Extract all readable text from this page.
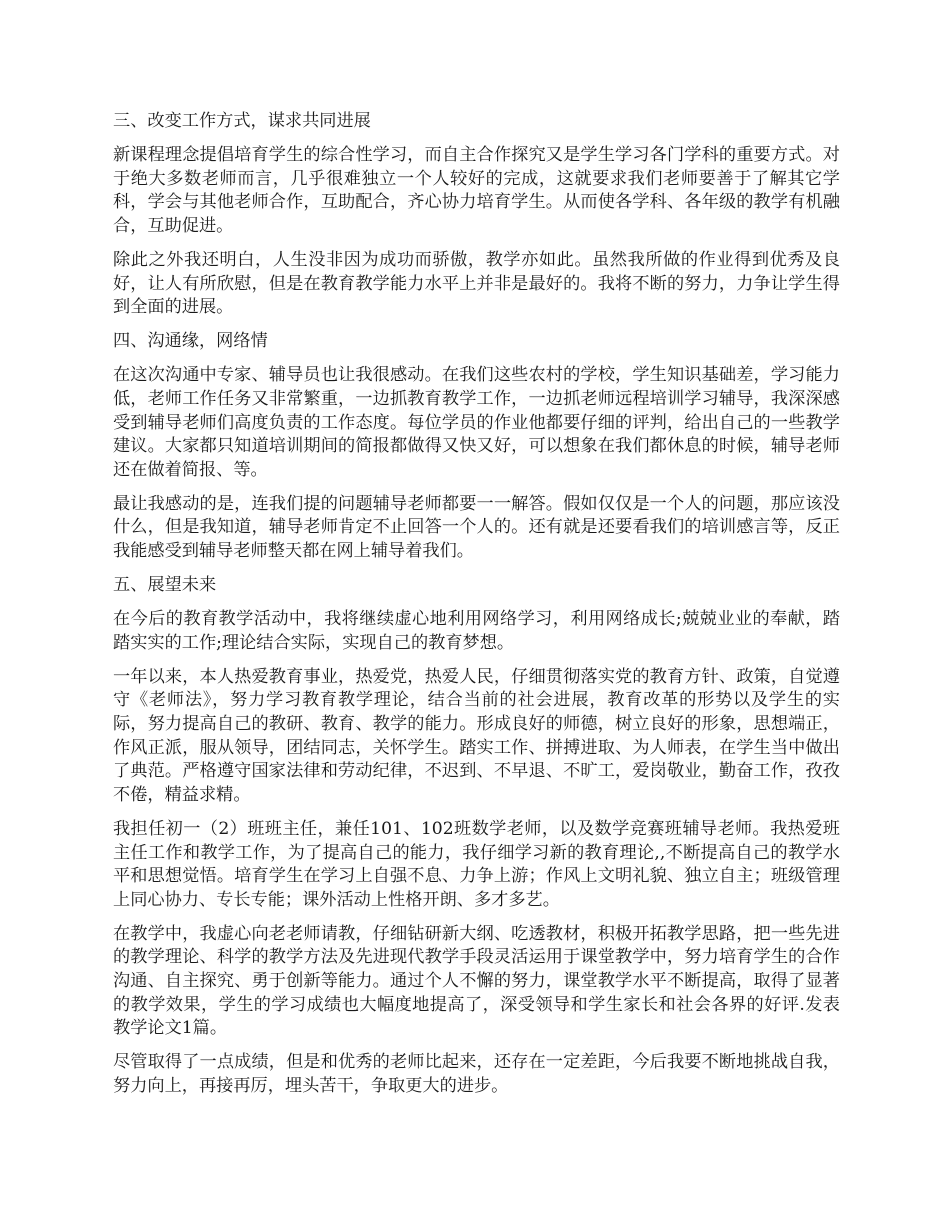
三、改变工作方式，谋求共同进展
新课程理念提倡培育学生的综合性学习，而自主合作探究又是学生学习各门学科的重要方式。对于绝大多数老师而言，几乎很难独立一个人较好的完成，这就要求我们老师要善于了解其它学科，学会与其他老师合作，互助配合，齐心协力培育学生。从而使各学科、各年级的教学有机融合，互助促进。
除此之外我还明白，人生没非因为成功而骄傲，教学亦如此。虽然我所做的作业得到优秀及良好，让人有所欣慰，但是在教育教学能力水平上并非是最好的。我将不断的努力，力争让学生得到全面的进展。
四、沟通缘，网络情
在这次沟通中专家、辅导员也让我很感动。在我们这些农村的学校，学生知识基础差，学习能力低，老师工作任务又非常繁重，一边抓教育教学工作，一边抓老师远程培训学习辅导，我深深感受到辅导老师们高度负责的工作态度。每位学员的作业他都要仔细的评判，给出自己的一些教学建议。大家都只知道培训期间的简报都做得又快又好，可以想象在我们都休息的时候，辅导老师还在做着简报、等。
最让我感动的是，连我们提的问题辅导老师都要一一解答。假如仅仅是一个人的问题，那应该没什么，但是我知道，辅导老师肯定不止回答一个人的。还有就是还要看我们的培训感言等，反正我能感受到辅导老师整天都在网上辅导着我们。
五、展望未来
在今后的教育教学活动中，我将继续虚心地利用网络学习，利用网络成长;兢兢业业的奉献，踏踏实实的工作;理论结合实际，实现自己的教育梦想。
一年以来，本人热爱教育事业，热爱党，热爱人民，仔细贯彻落实党的教育方针、政策，自觉遵守《老师法》，努力学习教育教学理论，结合当前的社会进展，教育改革的形势以及学生的实际，努力提高自己的教研、教育、教学的能力。形成良好的师德，树立良好的形象，思想端正，作风正派，服从领导，团结同志，关怀学生。踏实工作、拼搏进取、为人师表，在学生当中做出了典范。严格遵守国家法律和劳动纪律，不迟到、不早退、不旷工，爱岗敬业，勤奋工作，孜孜不倦，精益求精。
我担任初一（2）班班主任，兼任101、102班数学老师，以及数学竞赛班辅导老师。我热爱班主任工作和教学工作，为了提高自己的能力，我仔细学习新的教育理论,,不断提高自己的教学水平和思想觉悟。培育学生在学习上自强不息、力争上游；作风上文明礼貌、独立自主；班级管理上同心协力、专长专能；课外活动上性格开朗、多才多艺。
在教学中，我虚心向老老师请教，仔细钻研新大纲、吃透教材，积极开拓教学思路，把一些先进的教学理论、科学的教学方法及先进现代教学手段灵活运用于课堂教学中，努力培育学生的合作沟通、自主探究、勇于创新等能力。通过个人不懈的努力，课堂教学水平不断提高，取得了显著的教学效果，学生的学习成绩也大幅度地提高了，深受领导和学生家长和社会各界的好评.发表教学论文1篇。
尽管取得了一点成绩，但是和优秀的老师比起来，还存在一定差距，今后我要不断地挑战自我，努力向上，再接再厉，埋头苦干，争取更大的进步。
